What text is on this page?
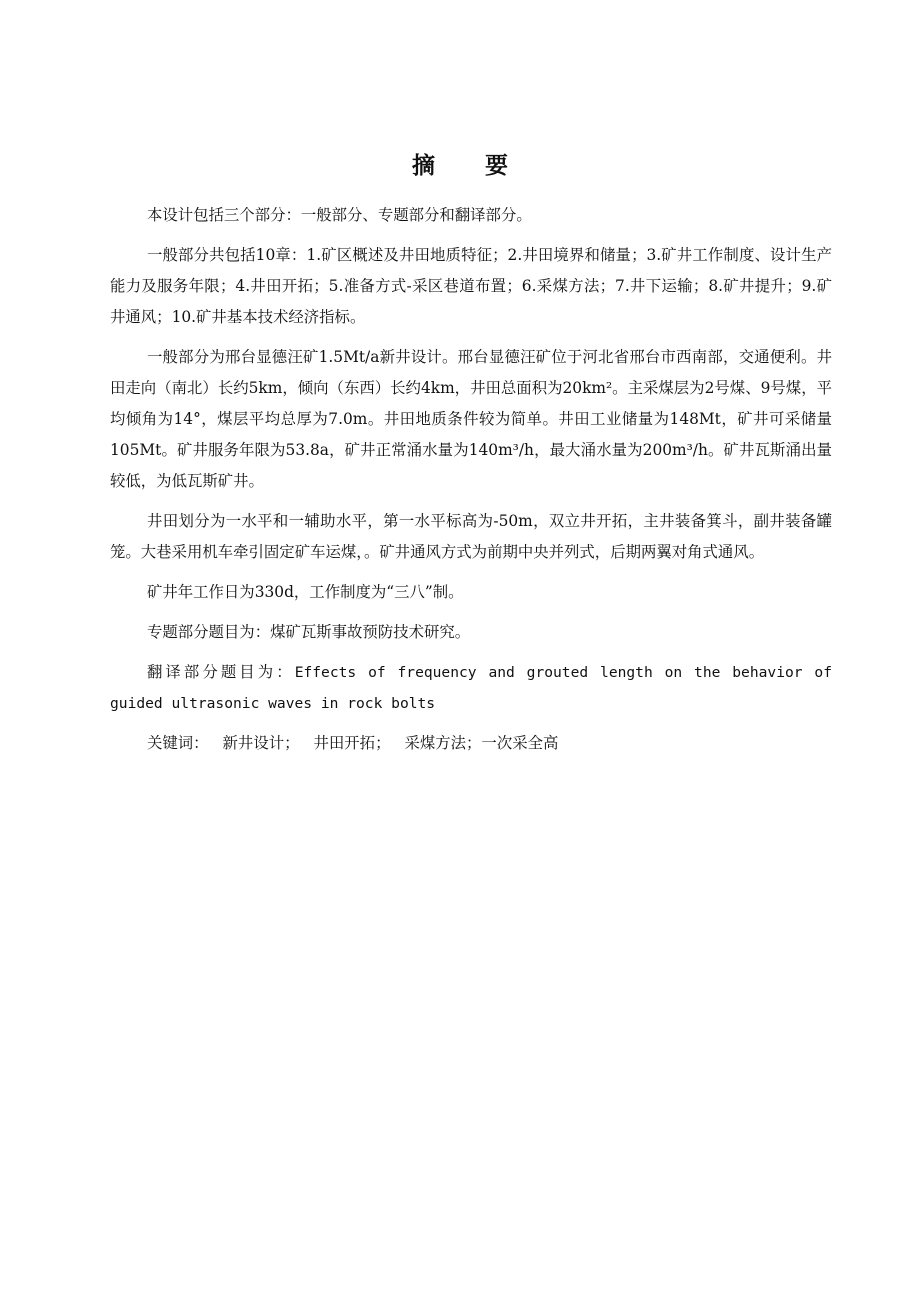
摘 要

本设计包括三个部分：一般部分、专题部分和翻译部分。

一般部分共包括10章：1.矿区概述及井田地质特征；2.井田境界和储量；3.矿井工作制度、设计生产能力及服务年限；4.井田开拓；5.准备方式-采区巷道布置；6.采煤方法；7.井下运输；8.矿井提升；9.矿井通风；10.矿井基本技术经济指标。

一般部分为邢台显德汪矿1.5Mt/a新井设计。邢台显德汪矿位于河北省邢台市西南部，交通便利。井田走向（南北）长约5km，倾向（东西）长约4km，井田总面积为20km²。主采煤层为2号煤、9号煤，平均倾角为14°，煤层平均总厚为7.0m。井田地质条件较为简单。井田工业储量为148Mt，矿井可采储量105Mt。矿井服务年限为53.8a，矿井正常涌水量为140m³/h，最大涌水量为200m³/h。矿井瓦斯涌出量较低，为低瓦斯矿井。

井田划分为一水平和一辅助水平，第一水平标高为-50m，双立井开拓，主井装备箕斗，副井装备罐笼。大巷采用机车牵引固定矿车运煤，。矿井通风方式为前期中央并列式，后期两翼对角式通风。

矿井年工作日为330d，工作制度为“三八”制。

专题部分题目为：煤矿瓦斯事故预防技术研究。

翻译部分题目为：Effects of frequency and grouted length on the behavior of guided ultrasonic waves in rock bolts

关键词： 新井设计； 井田开拓； 采煤方法；一次采全高
